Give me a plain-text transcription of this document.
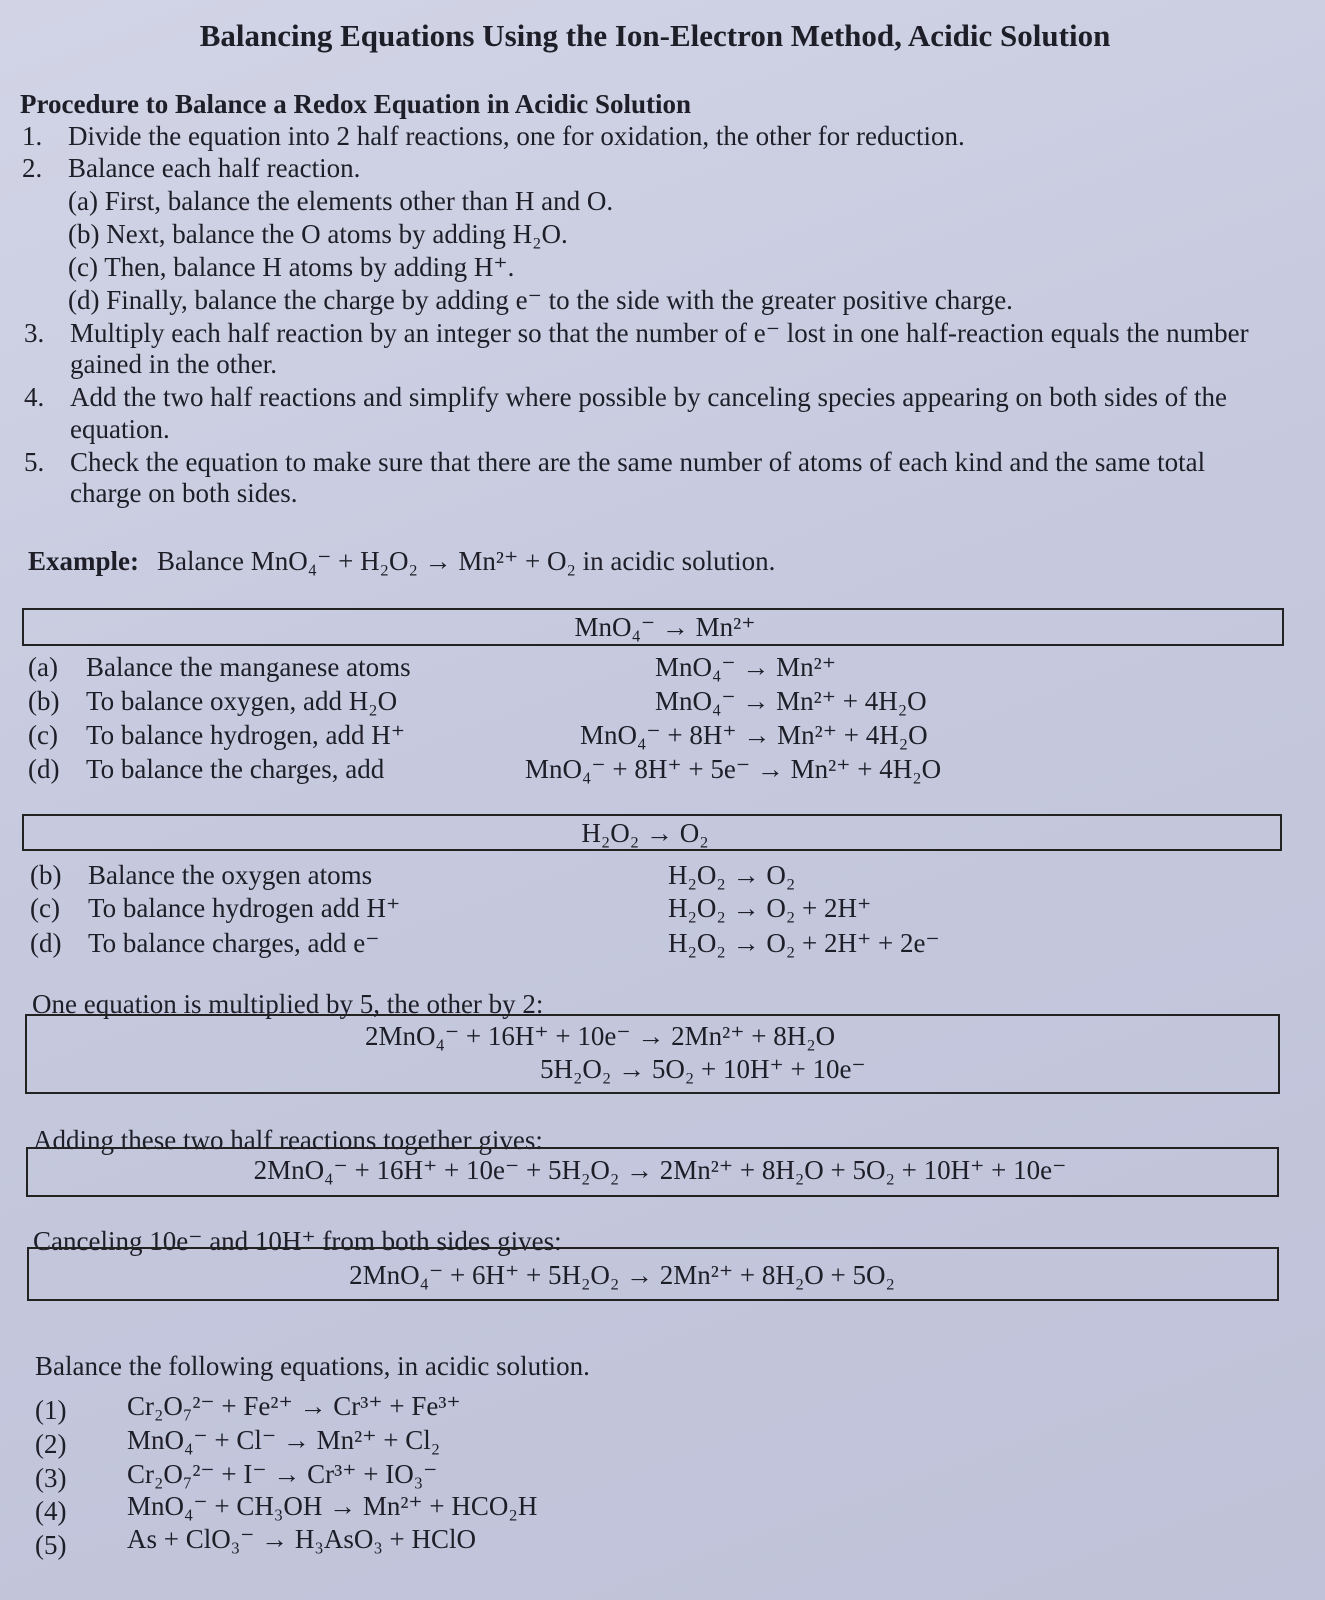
Balancing Equations Using the Ion-Electron Method, Acidic Solution
Procedure to Balance a Redox Equation in Acidic Solution
1. Divide the equation into 2 half reactions, one for oxidation, the other for reduction.
2. Balance each half reaction.
(a) First, balance the elements other than H and O.
(b) Next, balance the O atoms by adding H₂O.
(c) Then, balance H atoms by adding H⁺.
(d) Finally, balance the charge by adding e⁻ to the side with the greater positive charge.
3. Multiply each half reaction by an integer so that the number of e⁻ lost in one half-reaction equals the number
gained in the other.
4. Add the two half reactions and simplify where possible by canceling species appearing on both sides of the
equation.
5. Check the equation to make sure that there are the same number of atoms of each kind and the same total
charge on both sides.
Example: Balance MnO₄⁻ + H₂O₂ → Mn²⁺ + O₂ in acidic solution.
MnO₄⁻ → Mn²⁺
(a) Balance the manganese atoms	MnO₄⁻ → Mn²⁺
(b) To balance oxygen, add H₂O	MnO₄⁻ → Mn²⁺ + 4H₂O
(c) To balance hydrogen, add H⁺	MnO₄⁻ + 8H⁺ → Mn²⁺ + 4H₂O
(d) To balance the charges, add	MnO₄⁻ + 8H⁺ + 5e⁻ → Mn²⁺ + 4H₂O
H₂O₂ → O₂
(b) Balance the oxygen atoms	H₂O₂ → O₂
(c) To balance hydrogen add H⁺	H₂O₂ → O₂ + 2H⁺
(d) To balance charges, add e⁻	H₂O₂ → O₂ + 2H⁺ + 2e⁻
One equation is multiplied by 5, the other by 2:
2MnO₄⁻ + 16H⁺ + 10e⁻ → 2Mn²⁺ + 8H₂O
5H₂O₂ → 5O₂ + 10H⁺ + 10e⁻
Adding these two half reactions together gives:
2MnO₄⁻ + 16H⁺ + 10e⁻ + 5H₂O₂ → 2Mn²⁺ + 8H₂O + 5O₂ + 10H⁺ + 10e⁻
Canceling 10e⁻ and 10H⁺ from both sides gives:
2MnO₄⁻ + 6H⁺ + 5H₂O₂ → 2Mn²⁺ + 8H₂O + 5O₂
Balance the following equations, in acidic solution.
(1) Cr₂O₇²⁻ + Fe²⁺ → Cr³⁺ + Fe³⁺
(2) MnO₄⁻ + Cl⁻ → Mn²⁺ + Cl₂
(3) Cr₂O₇²⁻ + I⁻ → Cr³⁺ + IO₃⁻
(4) MnO₄⁻ + CH₃OH → Mn²⁺ + HCO₂H
(5) As + ClO₃⁻ → H₃AsO₃ + HClO
